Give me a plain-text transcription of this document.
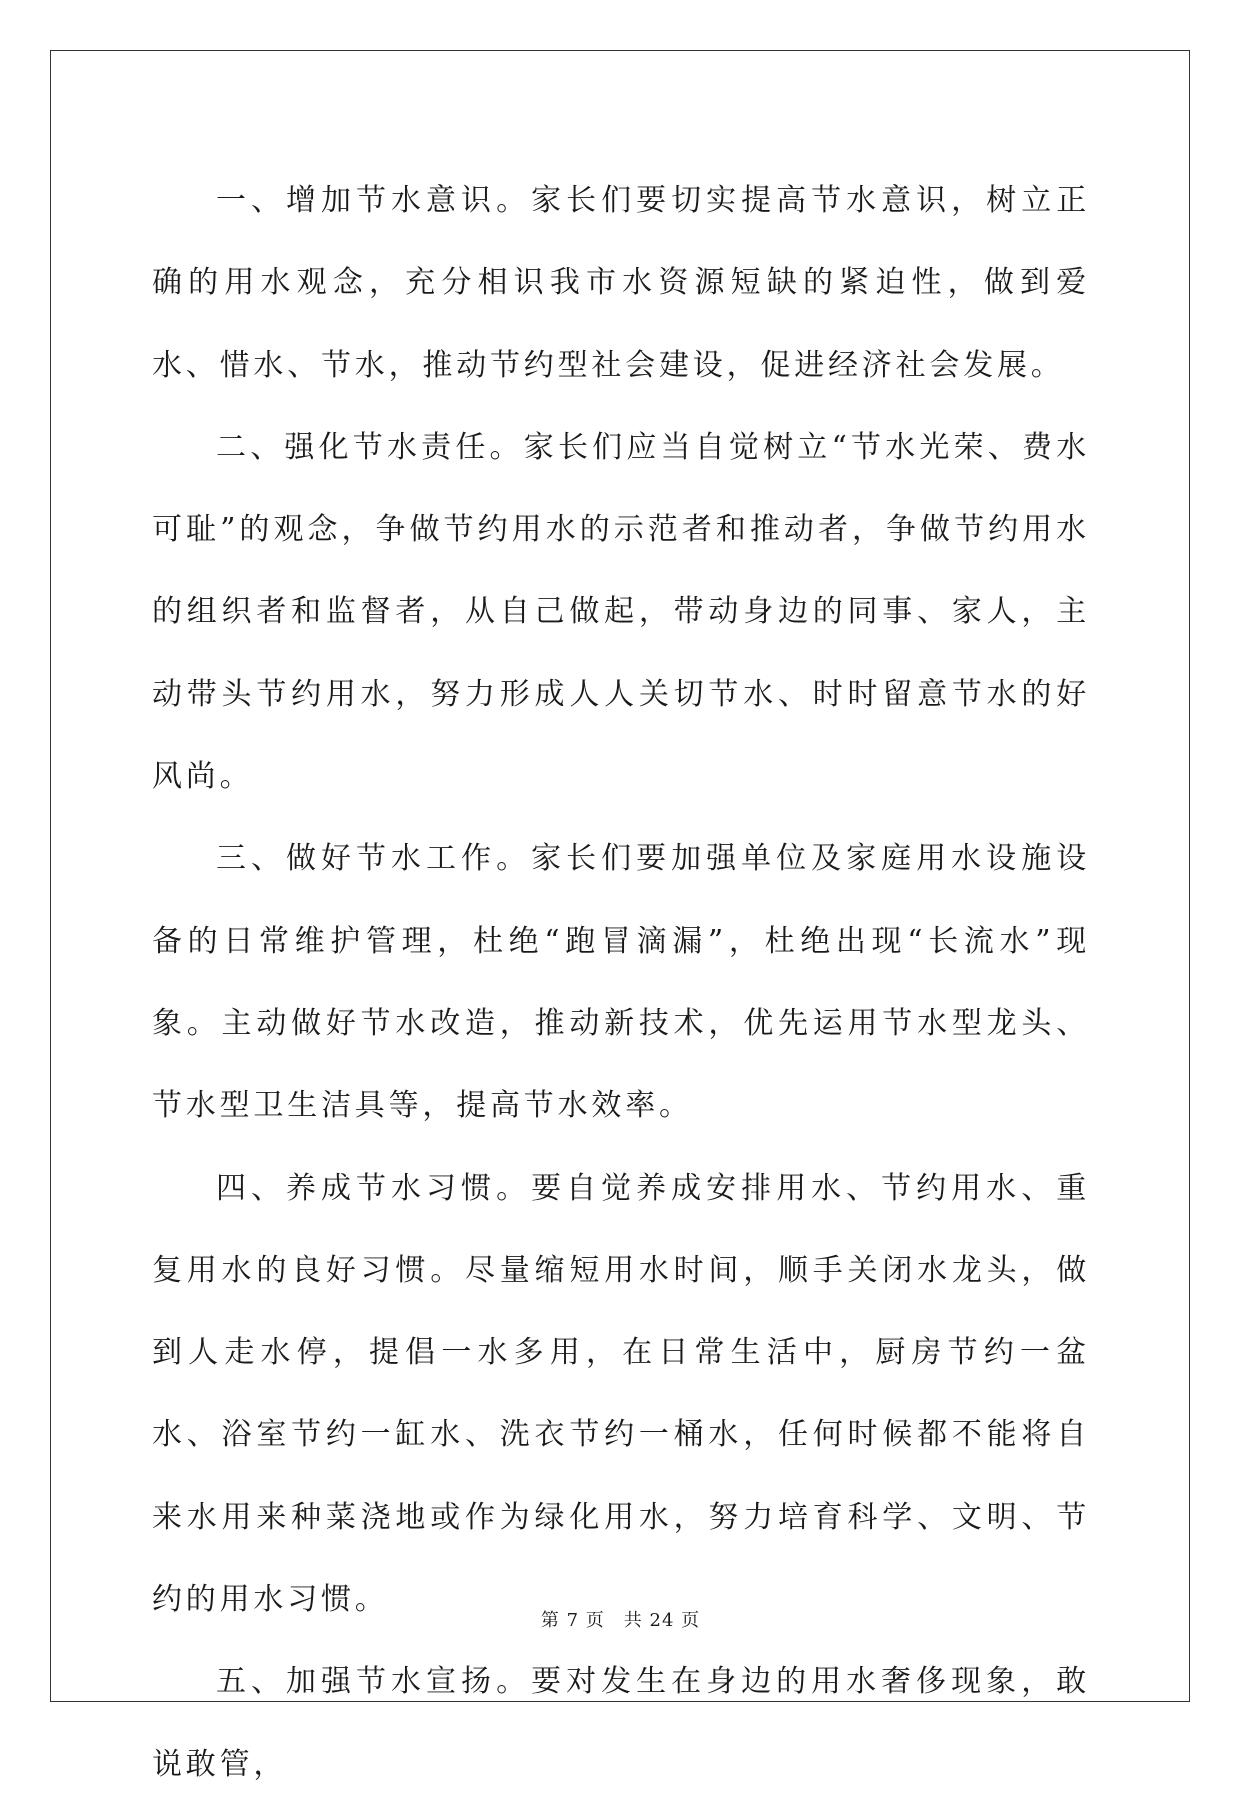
一、增加节水意识。家长们要切实提高节水意识，树立正确的用水观念，充分相识我市水资源短缺的紧迫性，做到爱水、惜水、节水，推动节约型社会建设，促进经济社会发展。

二、强化节水责任。家长们应当自觉树立“节水光荣、费水可耻”的观念，争做节约用水的示范者和推动者，争做节约用水的组织者和监督者，从自己做起，带动身边的同事、家人，主动带头节约用水，努力形成人人关切节水、时时留意节水的好风尚。

三、做好节水工作。家长们要加强单位及家庭用水设施设备的日常维护管理，杜绝“跑冒滴漏”，杜绝出现“长流水”现象。主动做好节水改造，推动新技术，优先运用节水型龙头、节水型卫生洁具等，提高节水效率。

四、养成节水习惯。要自觉养成安排用水、节约用水、重复用水的良好习惯。尽量缩短用水时间，顺手关闭水龙头，做到人走水停，提倡一水多用，在日常生活中，厨房节约一盆水、浴室节约一缸水、洗衣节约一桶水，任何时候都不能将自来水用来种菜浇地或作为绿化用水，努力培育科学、文明、节约的用水习惯。

五、加强节水宣扬。要对发生在身边的用水奢侈现象，敢说敢管，

第 7 页　共 24 页
